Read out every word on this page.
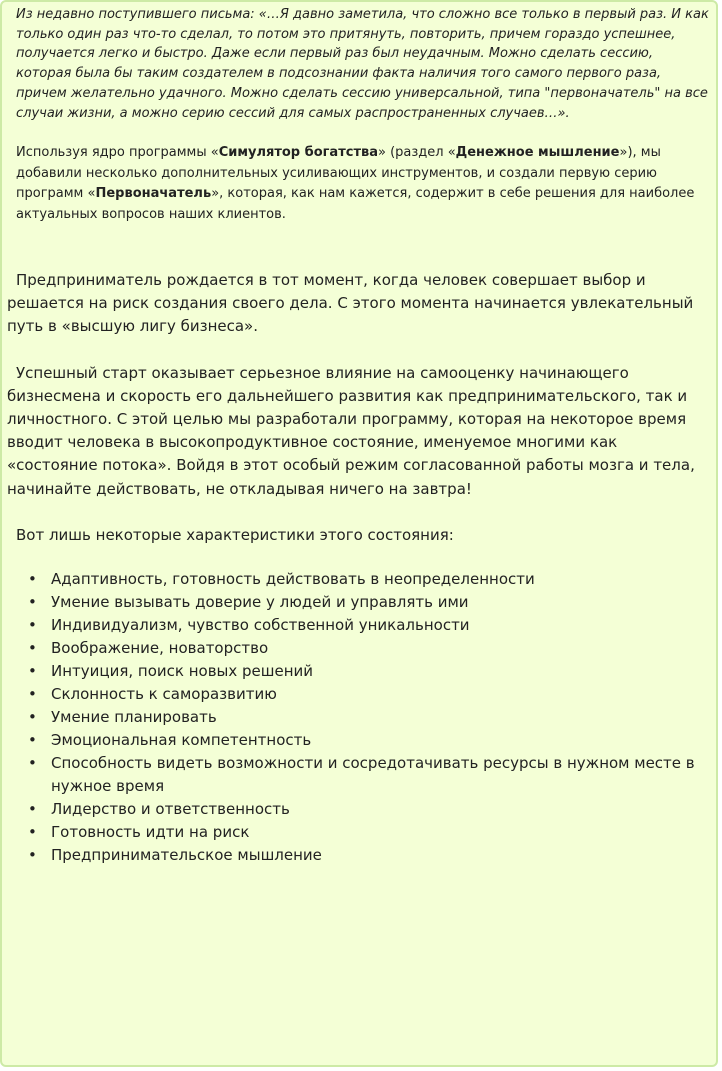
Из недавно поступившего письма: «…Я давно заметила, что сложно все только в первый раз. И как только один раз что-то сделал, то потом это притянуть, повторить, причем гораздо успешнее, получается легко и быстро. Даже если первый раз был неудачным. Можно сделать сессию, которая была бы таким создателем в подсознании факта наличия того самого первого раза, причем желательно удачного. Можно сделать сессию универсальной, типа "первоначатель" на все случаи жизни, а можно серию сессий для самых распространенных случаев…».

Используя ядро программы «Симулятор богатства» (раздел «Денежное мышление»), мы добавили несколько дополнительных усиливающих инструментов, и создали первую серию программ «Первоначатель», которая, как нам кажется, содержит в себе решения для наиболее актуальных вопросов наших клиентов.

Предприниматель рождается в тот момент, когда человек совершает выбор и решается на риск создания своего дела. С этого момента начинается увлекательный путь в «высшую лигу бизнеса».

Успешный старт оказывает серьезное влияние на самооценку начинающего бизнесмена и скорость его дальнейшего развития как предпринимательского, так и личностного. С этой целью мы разработали программу, которая на некоторое время вводит человека в высокопродуктивное состояние, именуемое многими как «состояние потока». Войдя в этот особый режим согласованной работы мозга и тела, начинайте действовать, не откладывая ничего на завтра!

Вот лишь некоторые характеристики этого состояния:

• Адаптивность, готовность действовать в неопределенности
• Умение вызывать доверие у людей и управлять ими
• Индивидуализм, чувство собственной уникальности
• Воображение, новаторство
• Интуиция, поиск новых решений
• Склонность к саморазвитию
• Умение планировать
• Эмоциональная компетентность
• Способность видеть возможности и сосредотачивать ресурсы в нужном месте в нужное время
• Лидерство и ответственность
• Готовность идти на риск
• Предпринимательское мышление
